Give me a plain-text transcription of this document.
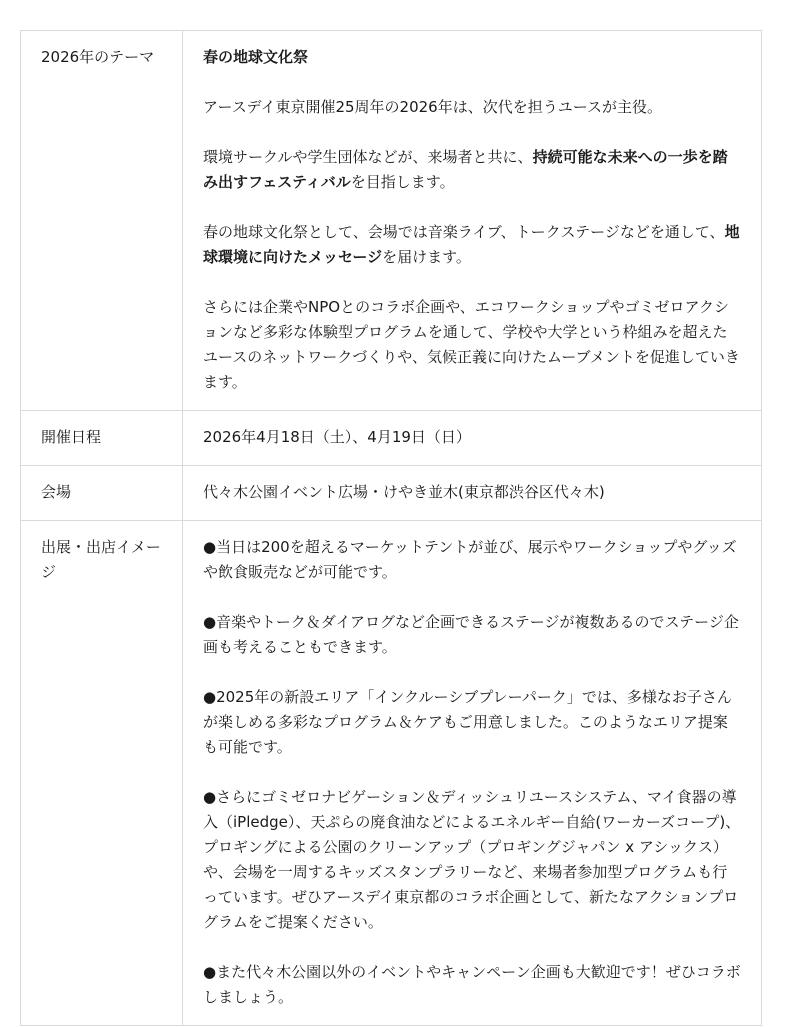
2026年のテーマ	春の地球文化祭

アースデイ東京開催25周年の2026年は、次代を担うユースが主役。

環境サークルや学生団体などが、来場者と共に、持続可能な未来への一歩を踏み出すフェスティバルを目指します。

春の地球文化祭として、会場では音楽ライブ、トークステージなどを通して、地球環境に向けたメッセージを届けます。

さらには企業やNPOとのコラボ企画や、エコワークショップやゴミゼロアクションなど多彩な体験型プログラムを通して、学校や大学という枠組みを超えたユースのネットワークづくりや、気候正義に向けたムーブメントを促進していきます。

開催日程	2026年4月18日（土）、4月19日（日）

会場	代々木公園イベント広場・けやき並木(東京都渋谷区代々木)

出展・出店イメージ	●当日は200を超えるマーケットテントが並び、展示やワークショップやグッズや飲食販売などが可能です。

●音楽やトーク＆ダイアログなど企画できるステージが複数あるのでステージ企画も考えることもできます。

●2025年の新設エリア「インクルーシブプレーパーク」では、多様なお子さんが楽しめる多彩なプログラム＆ケアもご用意しました。このようなエリア提案も可能です。

●さらにゴミゼロナビゲーション＆ディッシュリユースシステム、マイ食器の導入（iPledge）、天ぷらの廃食油などによるエネルギー自給(ワーカーズコープ)、プロギングによる公園のクリーンアップ（プロギングジャパン x アシックス）や、会場を一周するキッズスタンプラリーなど、来場者参加型プログラムも行っています。ぜひアースデイ東京都のコラボ企画として、新たなアクションプログラムをご提案ください。

●また代々木公園以外のイベントやキャンペーン企画も大歓迎です！ぜひコラボしましょう。
